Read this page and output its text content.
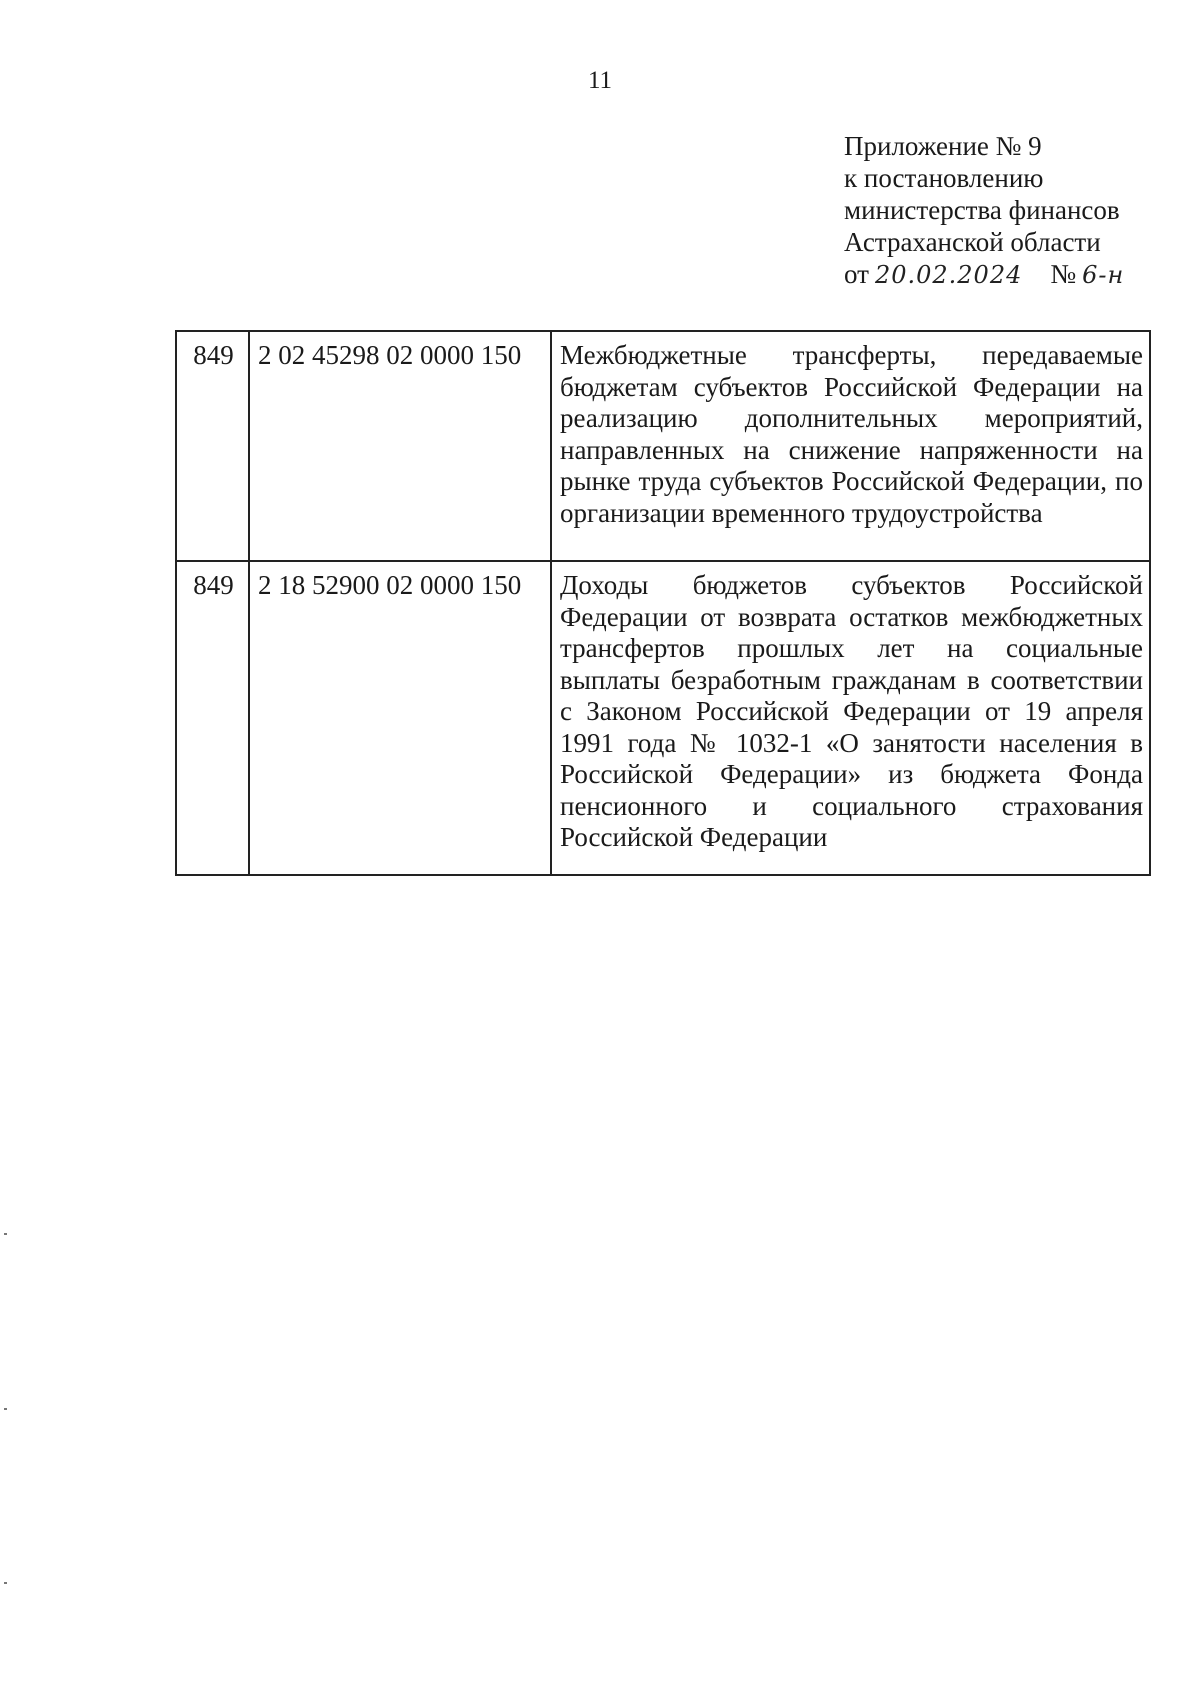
11
Приложение № 9
к постановлению
министерства финансов
Астраханской области
от 20.02.2024 № 6-н
849	2 02 45298 02 0000 150	Межбюджетные трансферты, передаваемые бюджетам субъектов Российской Федерации на реализацию дополнительных мероприятий, направленных на снижение напряженности на рынке труда субъектов Российской Федерации, по организации временного трудоустройства
849	2 18 52900 02 0000 150	Доходы бюджетов субъектов Российской Федерации от возврата остатков межбюджетных трансфертов прошлых лет на социальные выплаты безработным гражданам в соответствии с Законом Российской Федерации от 19 апреля 1991 года № 1032-1 «О занятости населения в Российской Федерации» из бюджета Фонда пенсионного и социального страхования Российской Федерации
